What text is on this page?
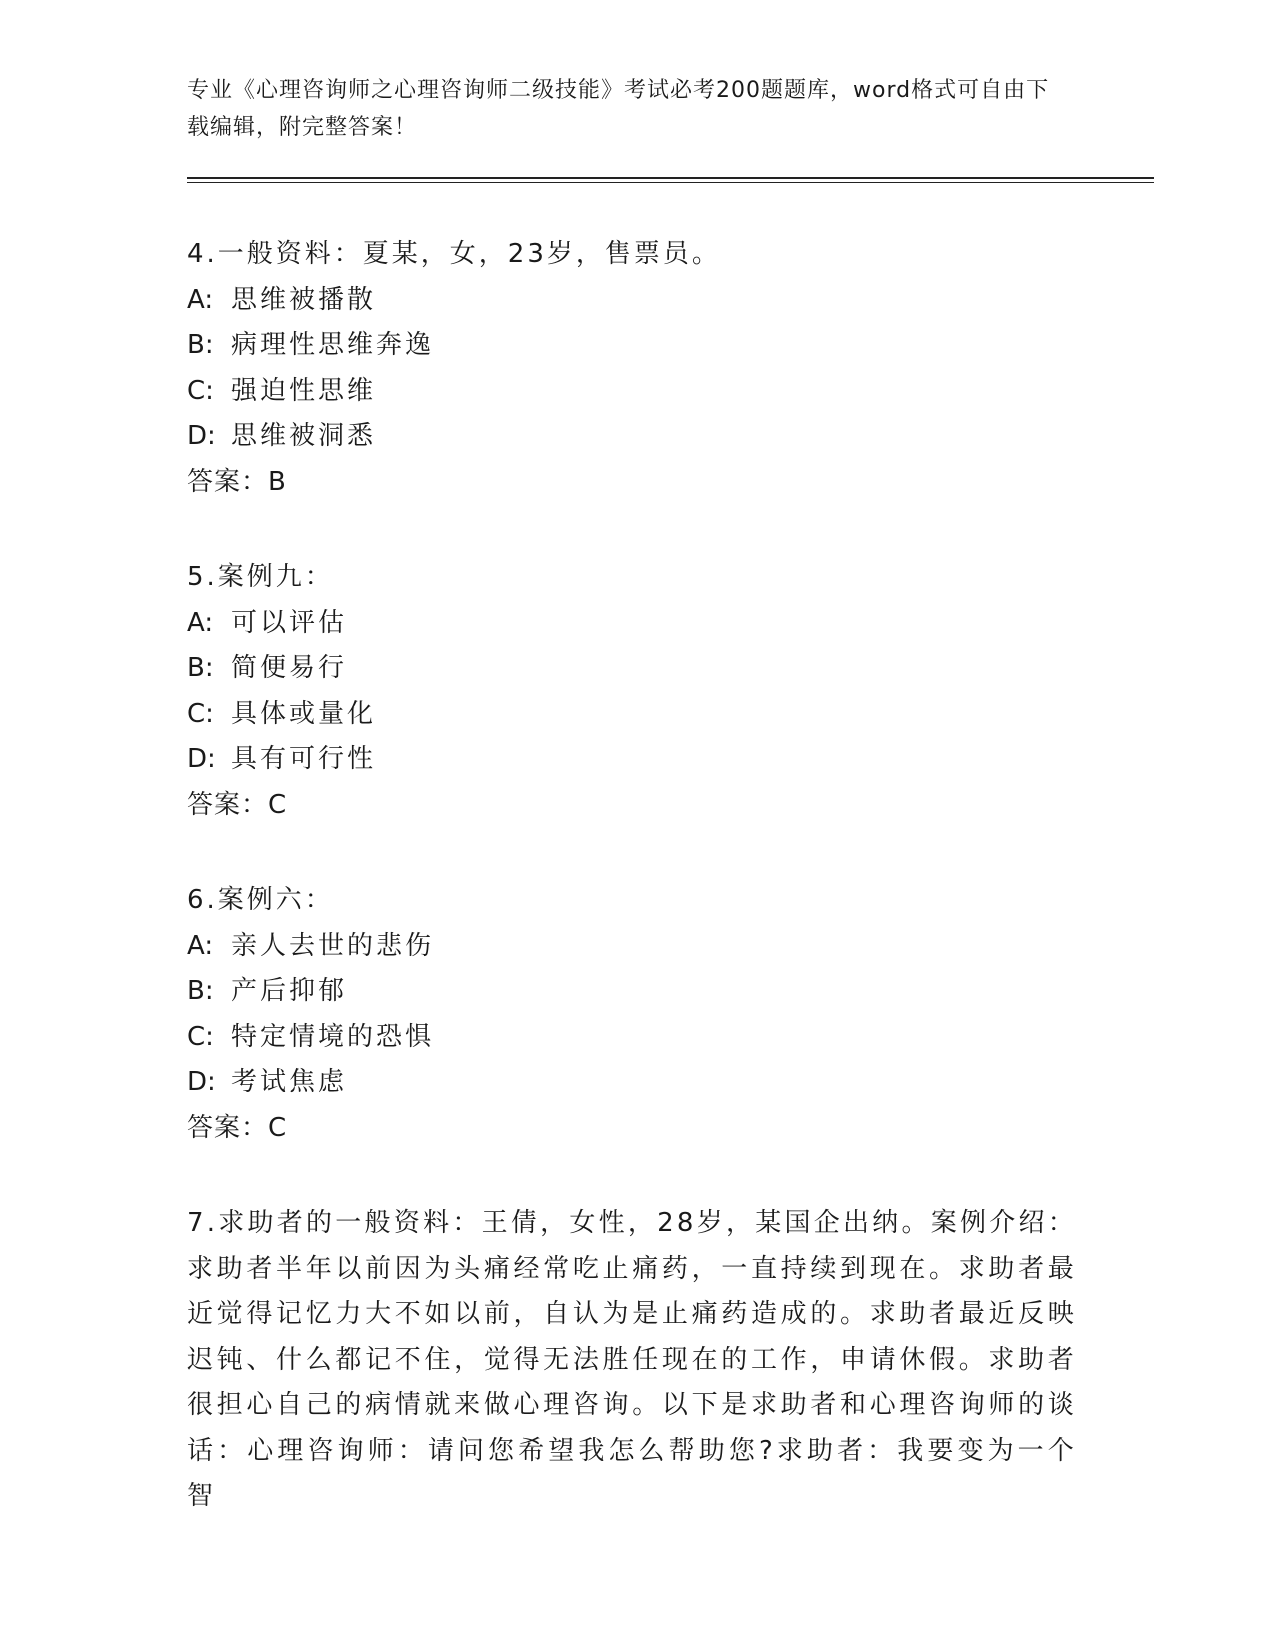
专业《心理咨询师之心理咨询师二级技能》考试必考200题题库，word格式可自由下载编辑，附完整答案！
4.一般资料：夏某，女，23岁，售票员。
A: 思维被播散
B: 病理性思维奔逸
C: 强迫性思维
D: 思维被洞悉
答案：B
5.案例九：
A: 可以评估
B: 简便易行
C: 具体或量化
D: 具有可行性
答案：C
6.案例六：
A: 亲人去世的悲伤
B: 产后抑郁
C: 特定情境的恐惧
D: 考试焦虑
答案：C
7.求助者的一般资料：王倩，女性，28岁，某国企出纳。案例介绍：求助者半年以前因为头痛经常吃止痛药，一直持续到现在。求助者最近觉得记忆力大不如以前，自认为是止痛药造成的。求助者最近反映迟钝、什么都记不住，觉得无法胜任现在的工作，申请休假。求助者很担心自己的病情就来做心理咨询。以下是求助者和心理咨询师的谈话：心理咨询师：请问您希望我怎么帮助您?求助者：我要变为一个智
